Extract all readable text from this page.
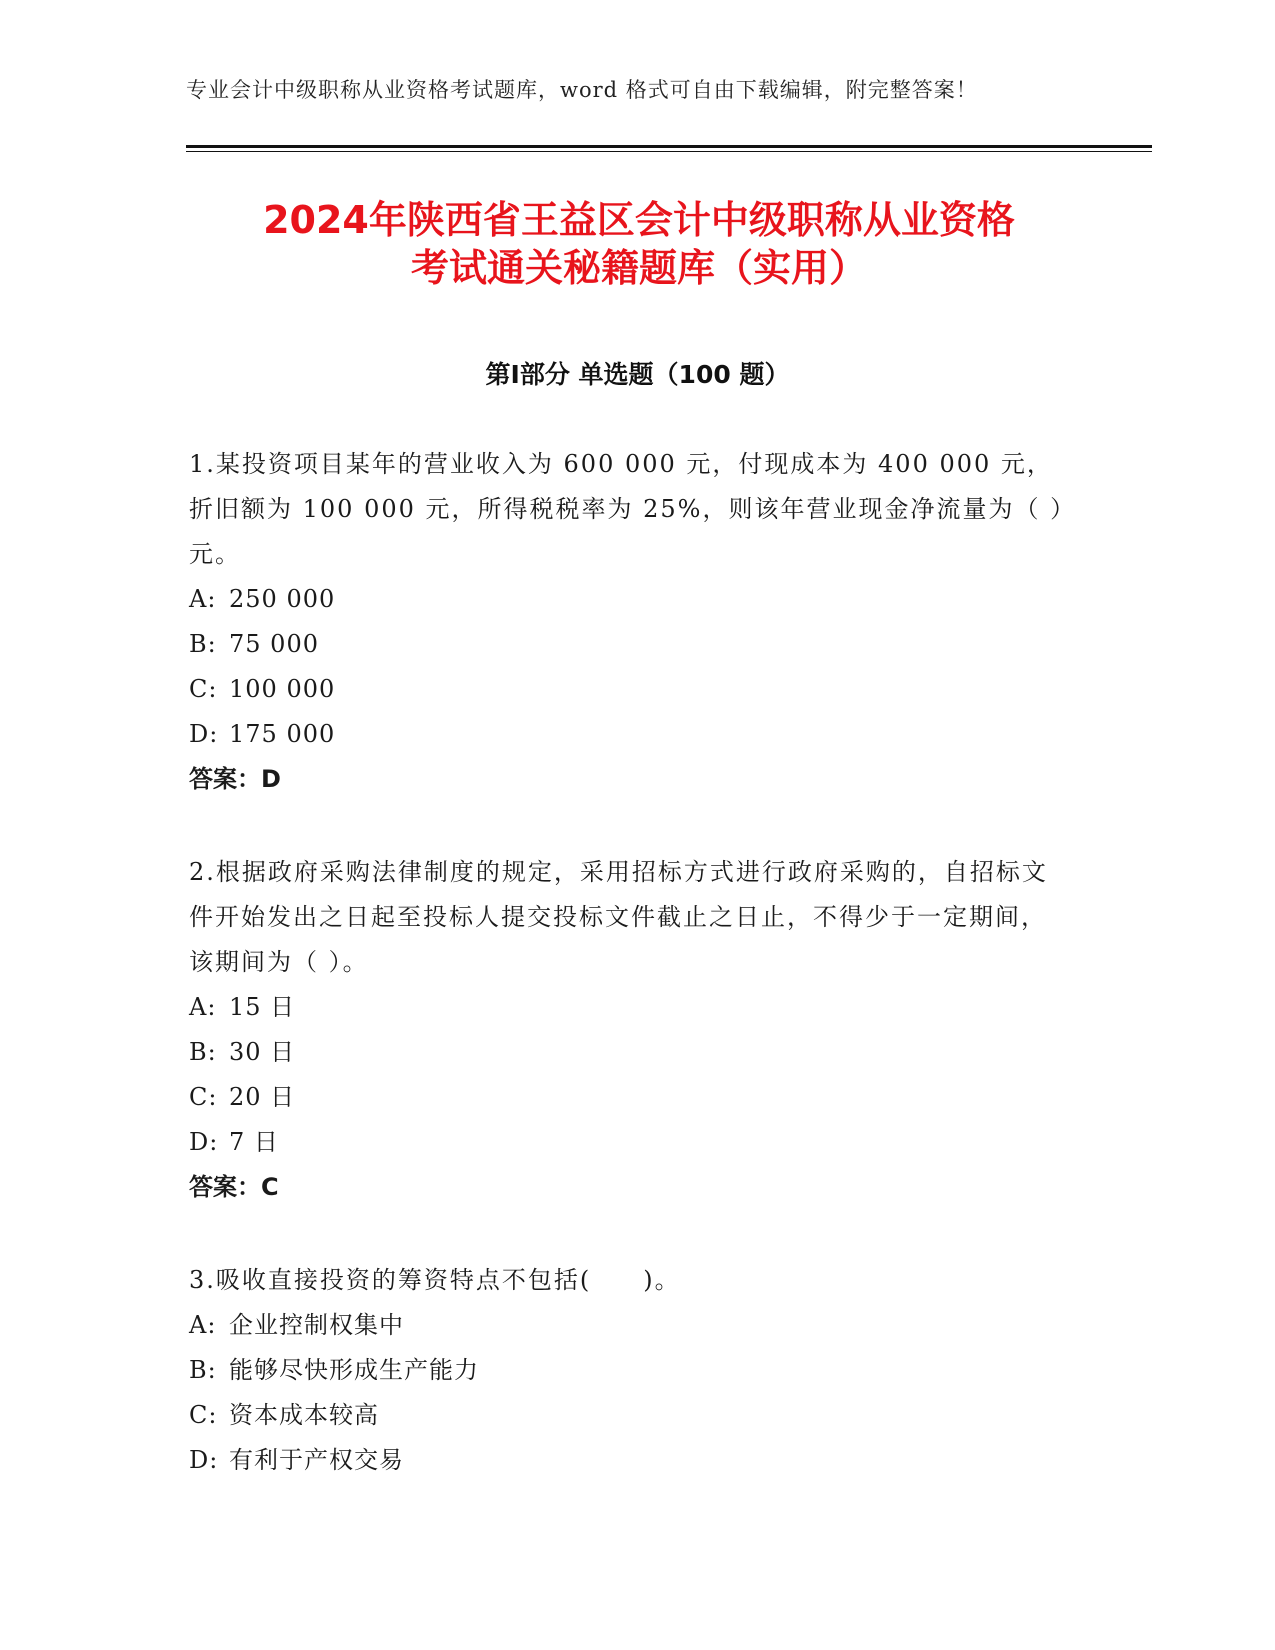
专业会计中级职称从业资格考试题库，word 格式可自由下载编辑，附完整答案！
2024年陕西省王益区会计中级职称从业资格
考试通关秘籍题库（实用）
第Ⅰ部分 单选题（100 题）

1.某投资项目某年的营业收入为 600 000 元，付现成本为 400 000 元，折旧额为 100 000 元，所得税税率为 25%，则该年营业现金净流量为（ ）元。

A: 250 000

B: 75 000

C: 100 000

D: 175 000

答案：D

2.根据政府采购法律制度的规定，采用招标方式进行政府采购的，自招标文件开始发出之日起至投标人提交投标文件截止之日止，不得少于一定期间，该期间为（ ）。

A: 15 日

B: 30 日

C: 20 日

D: 7 日

答案：C

3.吸收直接投资的筹资特点不包括(　　)。

A: 企业控制权集中

B: 能够尽快形成生产能力

C: 资本成本较高

D: 有利于产权交易
